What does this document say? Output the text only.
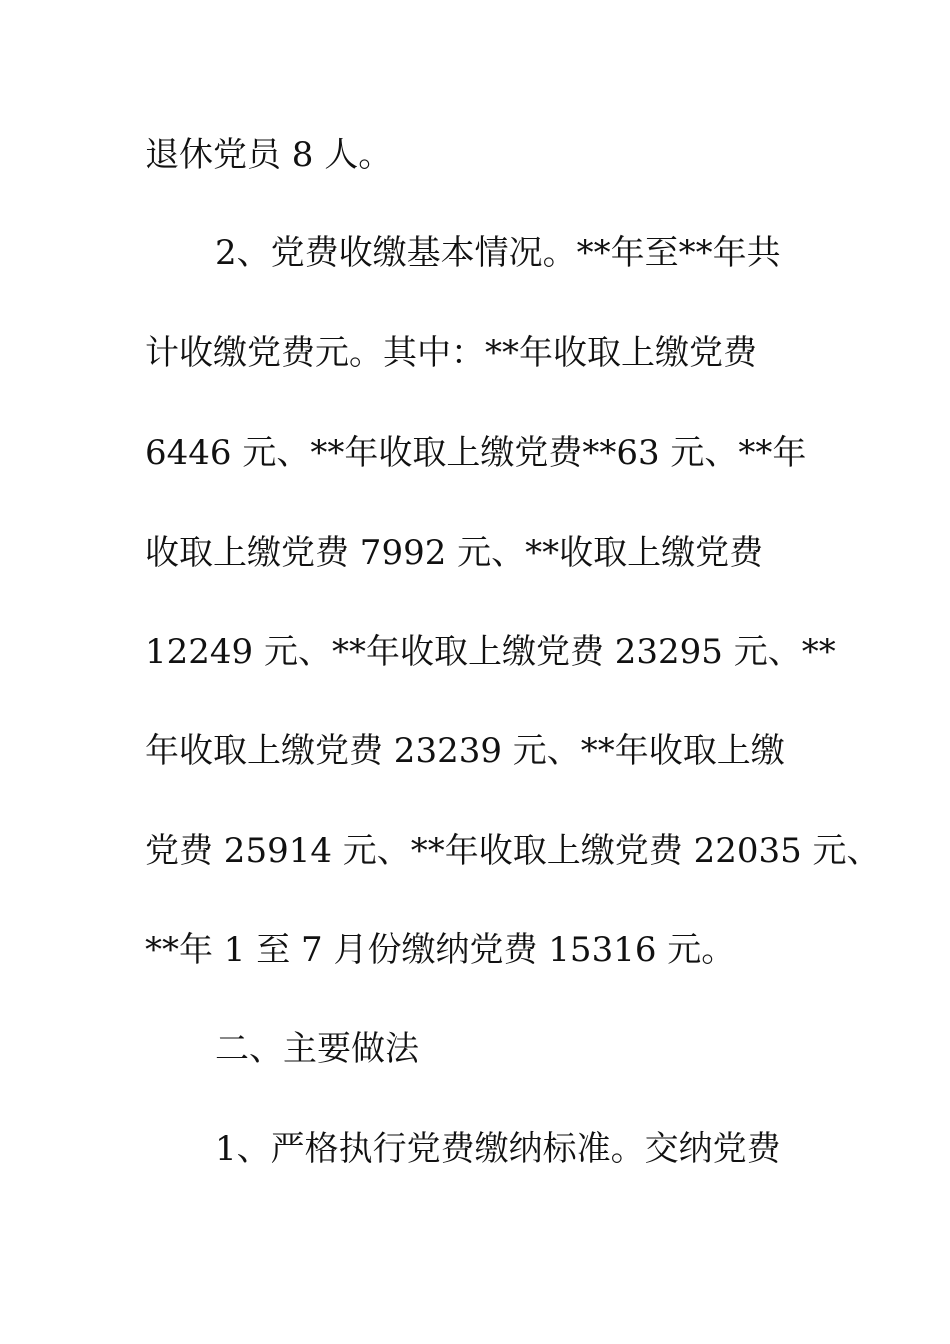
退休党员 8 人。
2、党费收缴基本情况。**年至**年共
计收缴党费元。其中：**年收取上缴党费
6446 元、**年收取上缴党费**63 元、**年
收取上缴党费 7992 元、**收取上缴党费
12249 元、**年收取上缴党费 23295 元、**
年收取上缴党费 23239 元、**年收取上缴
党费 25914 元、**年收取上缴党费 22035 元、
**年 1 至 7 月份缴纳党费 15316 元。
二、主要做法
1、严格执行党费缴纳标准。交纳党费
